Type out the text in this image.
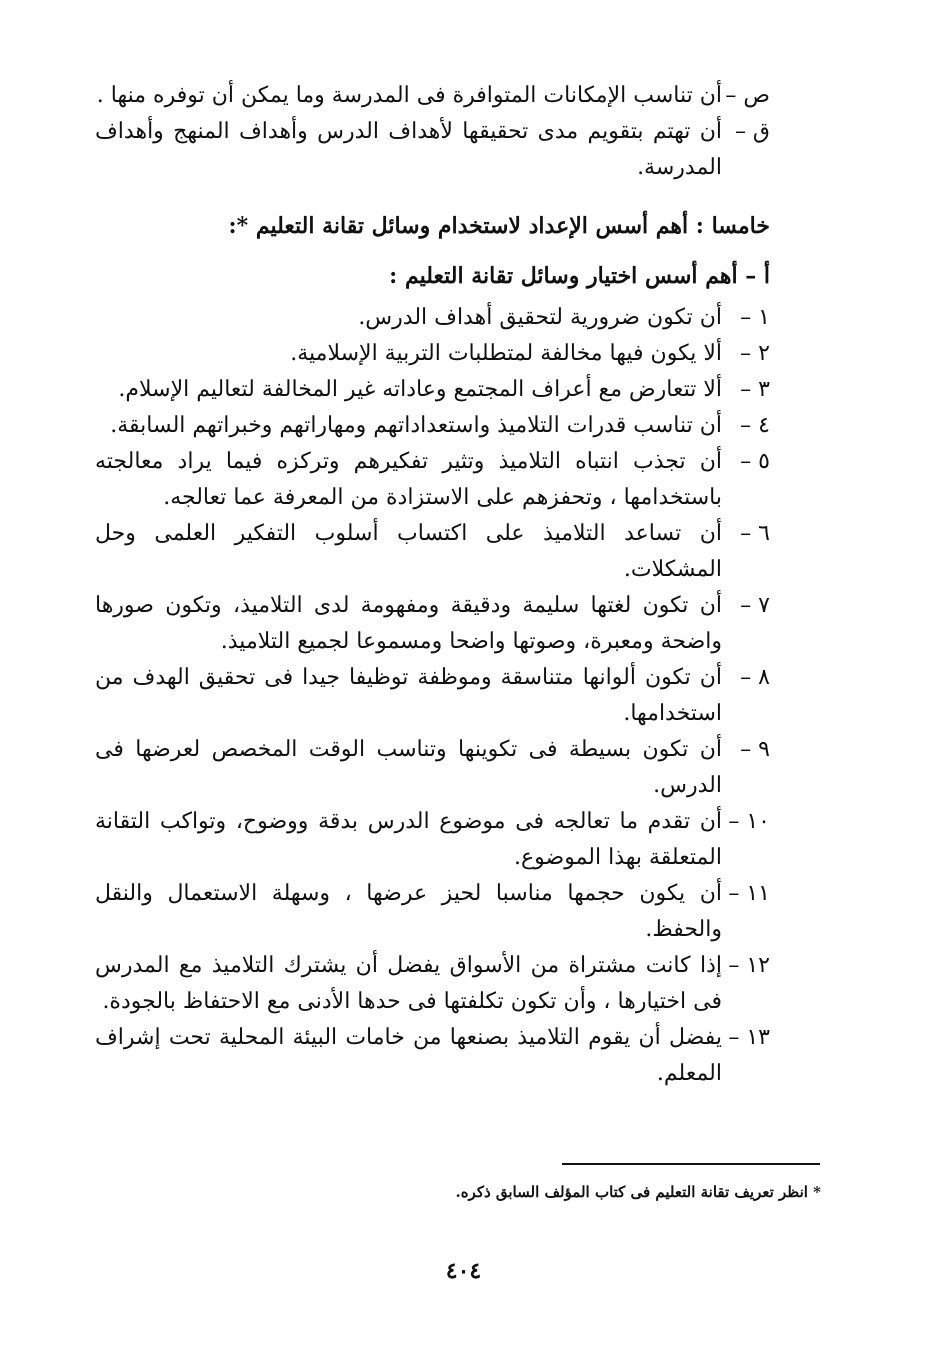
ص –
أن تناسب الإمكانات المتوافرة فى المدرسة وما يمكن أن توفره منها .
ق –
أن تهتم بتقويم مدى تحقيقها لأهداف الدرس وأهداف المنهج وأهداف المدرسة.
خامسا : أهم أسس الإعداد لاستخدام وسائل تقانة التعليم *:
أ – أهم أسس اختيار وسائل تقانة التعليم :
١ –
أن تكون ضرورية لتحقيق أهداف الدرس.
٢ –
ألا يكون فيها مخالفة لمتطلبات التربية الإسلامية.
٣ –
ألا تتعارض مع أعراف المجتمع وعاداته غير المخالفة لتعاليم الإسلام.
٤ –
أن تناسب قدرات التلاميذ واستعداداتهم ومهاراتهم وخبراتهم السابقة.
٥ –
أن تجذب انتباه التلاميذ وتثير تفكيرهم وتركزه فيما يراد معالجته باستخدامها ، وتحفزهم على الاستزادة من المعرفة عما تعالجه.
٦ –
أن تساعد التلاميذ على اكتساب أسلوب التفكير العلمى وحل المشكلات.
٧ –
أن تكون لغتها سليمة ودقيقة ومفهومة لدى التلاميذ، وتكون صورها واضحة ومعبرة، وصوتها واضحا ومسموعا لجميع التلاميذ.
٨ –
أن تكون ألوانها متناسقة وموظفة توظيفا جيدا فى تحقيق الهدف من استخدامها.
٩ –
أن تكون بسيطة فى تكوينها وتناسب الوقت المخصص لعرضها فى الدرس.
١٠ –
أن تقدم ما تعالجه فى موضوع الدرس بدقة ووضوح، وتواكب التقانة المتعلقة بهذا الموضوع.
١١ –
أن يكون حجمها مناسبا لحيز عرضها ، وسهلة الاستعمال والنقل والحفظ.
١٢ –
إذا كانت مشتراة من الأسواق يفضل أن يشترك التلاميذ مع المدرس فى اختيارها ، وأن تكون تكلفتها فى حدها الأدنى مع الاحتفاظ بالجودة.
١٣ –
يفضل أن يقوم التلاميذ بصنعها من خامات البيئة المحلية تحت إشراف المعلم.
* انظر تعريف تقانة التعليم فى كتاب المؤلف السابق ذكره.
٤٠٤
